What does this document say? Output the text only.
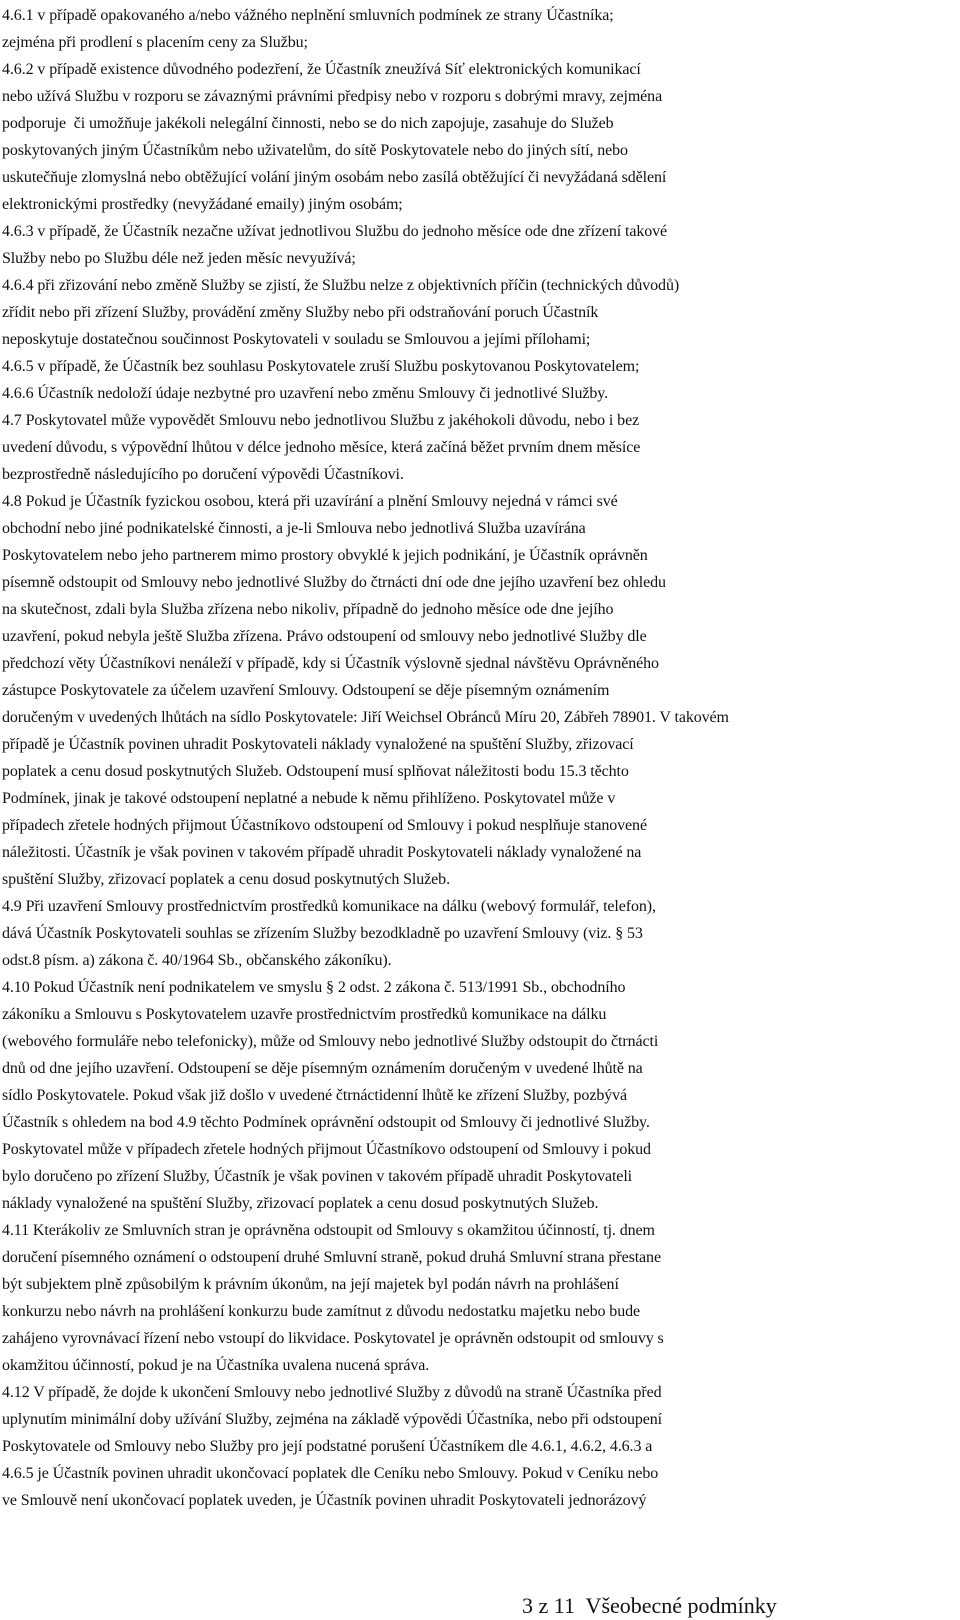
4.6.1 v případě opakovaného a/nebo vážného neplnění smluvních podmínek ze strany Účastníka;
zejména při prodlení s placením ceny za Službu;
4.6.2 v případě existence důvodného podezření, že Účastník zneužívá Síť elektronických komunikací
nebo užívá Službu v rozporu se závaznými právními předpisy nebo v rozporu s dobrými mravy, zejména
podporuje  či umožňuje jakékoli nelegální činnosti, nebo se do nich zapojuje, zasahuje do Služeb
poskytovaných jiným Účastníkům nebo uživatelům, do sítě Poskytovatele nebo do jiných sítí, nebo
uskutečňuje zlomyslná nebo obtěžující volání jiným osobám nebo zasílá obtěžující či nevyžádaná sdělení
elektronickými prostředky (nevyžádané emaily) jiným osobám;
4.6.3 v případě, že Účastník nezačne užívat jednotlivou Službu do jednoho měsíce ode dne zřízení takové
Služby nebo po Službu déle než jeden měsíc nevyužívá;
4.6.4 při zřizování nebo změně Služby se zjistí, že Službu nelze z objektivních příčin (technických důvodů)
zřídit nebo při zřízení Služby, provádění změny Služby nebo při odstraňování poruch Účastník
neposkytuje dostatečnou součinnost Poskytovateli v souladu se Smlouvou a jejími přílohami;
4.6.5 v případě, že Účastník bez souhlasu Poskytovatele zruší Službu poskytovanou Poskytovatelem;
4.6.6 Účastník nedoloží údaje nezbytné pro uzavření nebo změnu Smlouvy či jednotlivé Služby.
4.7 Poskytovatel může vypovědět Smlouvu nebo jednotlivou Službu z jakéhokoli důvodu, nebo i bez
uvedení důvodu, s výpovědní lhůtou v délce jednoho měsíce, která začíná běžet prvním dnem měsíce
bezprostředně následujícího po doručení výpovědi Účastníkovi.
4.8 Pokud je Účastník fyzickou osobou, která při uzavírání a plnění Smlouvy nejedná v rámci své
obchodní nebo jiné podnikatelské činnosti, a je-li Smlouva nebo jednotlivá Služba uzavírána
Poskytovatelem nebo jeho partnerem mimo prostory obvyklé k jejich podnikání, je Účastník oprávněn
písemně odstoupit od Smlouvy nebo jednotlivé Služby do čtrnácti dní ode dne jejího uzavření bez ohledu
na skutečnost, zdali byla Služba zřízena nebo nikoliv, případně do jednoho měsíce ode dne jejího
uzavření, pokud nebyla ještě Služba zřízena. Právo odstoupení od smlouvy nebo jednotlivé Služby dle
předchozí věty Účastníkovi nenáleží v případě, kdy si Účastník výslovně sjednal návštěvu Oprávněného
zástupce Poskytovatele za účelem uzavření Smlouvy. Odstoupení se děje písemným oznámením
doručeným v uvedených lhůtách na sídlo Poskytovatele: Jiří Weichsel Obránců Míru 20, Zábřeh 78901. V takovém
případě je Účastník povinen uhradit Poskytovateli náklady vynaložené na spuštění Služby, zřizovací
poplatek a cenu dosud poskytnutých Služeb. Odstoupení musí splňovat náležitosti bodu 15.3 těchto
Podmínek, jinak je takové odstoupení neplatné a nebude k němu přihlíženo. Poskytovatel může v
případech zřetele hodných přijmout Účastníkovo odstoupení od Smlouvy i pokud nesplňuje stanovené
náležitosti. Účastník je však povinen v takovém případě uhradit Poskytovateli náklady vynaložené na
spuštění Služby, zřizovací poplatek a cenu dosud poskytnutých Služeb.
4.9 Při uzavření Smlouvy prostřednictvím prostředků komunikace na dálku (webový formulář, telefon),
dává Účastník Poskytovateli souhlas se zřízením Služby bezodkladně po uzavření Smlouvy (viz. § 53
odst.8 písm. a) zákona č. 40/1964 Sb., občanského zákoníku).
4.10 Pokud Účastník není podnikatelem ve smyslu § 2 odst. 2 zákona č. 513/1991 Sb., obchodního
zákoníku a Smlouvu s Poskytovatelem uzavře prostřednictvím prostředků komunikace na dálku
(webového formuláře nebo telefonicky), může od Smlouvy nebo jednotlivé Služby odstoupit do čtrnácti
dnů od dne jejího uzavření. Odstoupení se děje písemným oznámením doručeným v uvedené lhůtě na
sídlo Poskytovatele. Pokud však již došlo v uvedené čtrnáctidenní lhůtě ke zřízení Služby, pozbývá
Účastník s ohledem na bod 4.9 těchto Podmínek oprávnění odstoupit od Smlouvy či jednotlivé Služby.
Poskytovatel může v případech zřetele hodných přijmout Účastníkovo odstoupení od Smlouvy i pokud
bylo doručeno po zřízení Služby, Účastník je však povinen v takovém případě uhradit Poskytovateli
náklady vynaložené na spuštění Služby, zřizovací poplatek a cenu dosud poskytnutých Služeb.
4.11 Kterákoliv ze Smluvních stran je oprávněna odstoupit od Smlouvy s okamžitou účinností, tj. dnem
doručení písemného oznámení o odstoupení druhé Smluvní straně, pokud druhá Smluvní strana přestane
být subjektem plně způsobilým k právním úkonům, na její majetek byl podán návrh na prohlášení
konkurzu nebo návrh na prohlášení konkurzu bude zamítnut z důvodu nedostatku majetku nebo bude
zahájeno vyrovnávací řízení nebo vstoupí do likvidace. Poskytovatel je oprávněn odstoupit od smlouvy s
okamžitou účinností, pokud je na Účastníka uvalena nucená správa.
4.12 V případě, že dojde k ukončení Smlouvy nebo jednotlivé Služby z důvodů na straně Účastníka před
uplynutím minimální doby užívání Služby, zejména na základě výpovědi Účastníka, nebo při odstoupení
Poskytovatele od Smlouvy nebo Služby pro její podstatné porušení Účastníkem dle 4.6.1, 4.6.2, 4.6.3 a
4.6.5 je Účastník povinen uhradit ukončovací poplatek dle Ceníku nebo Smlouvy. Pokud v Ceníku nebo
ve Smlouvě není ukončovací poplatek uveden, je Účastník povinen uhradit Poskytovateli jednorázový
3 z 11  Všeobecné podmínky
